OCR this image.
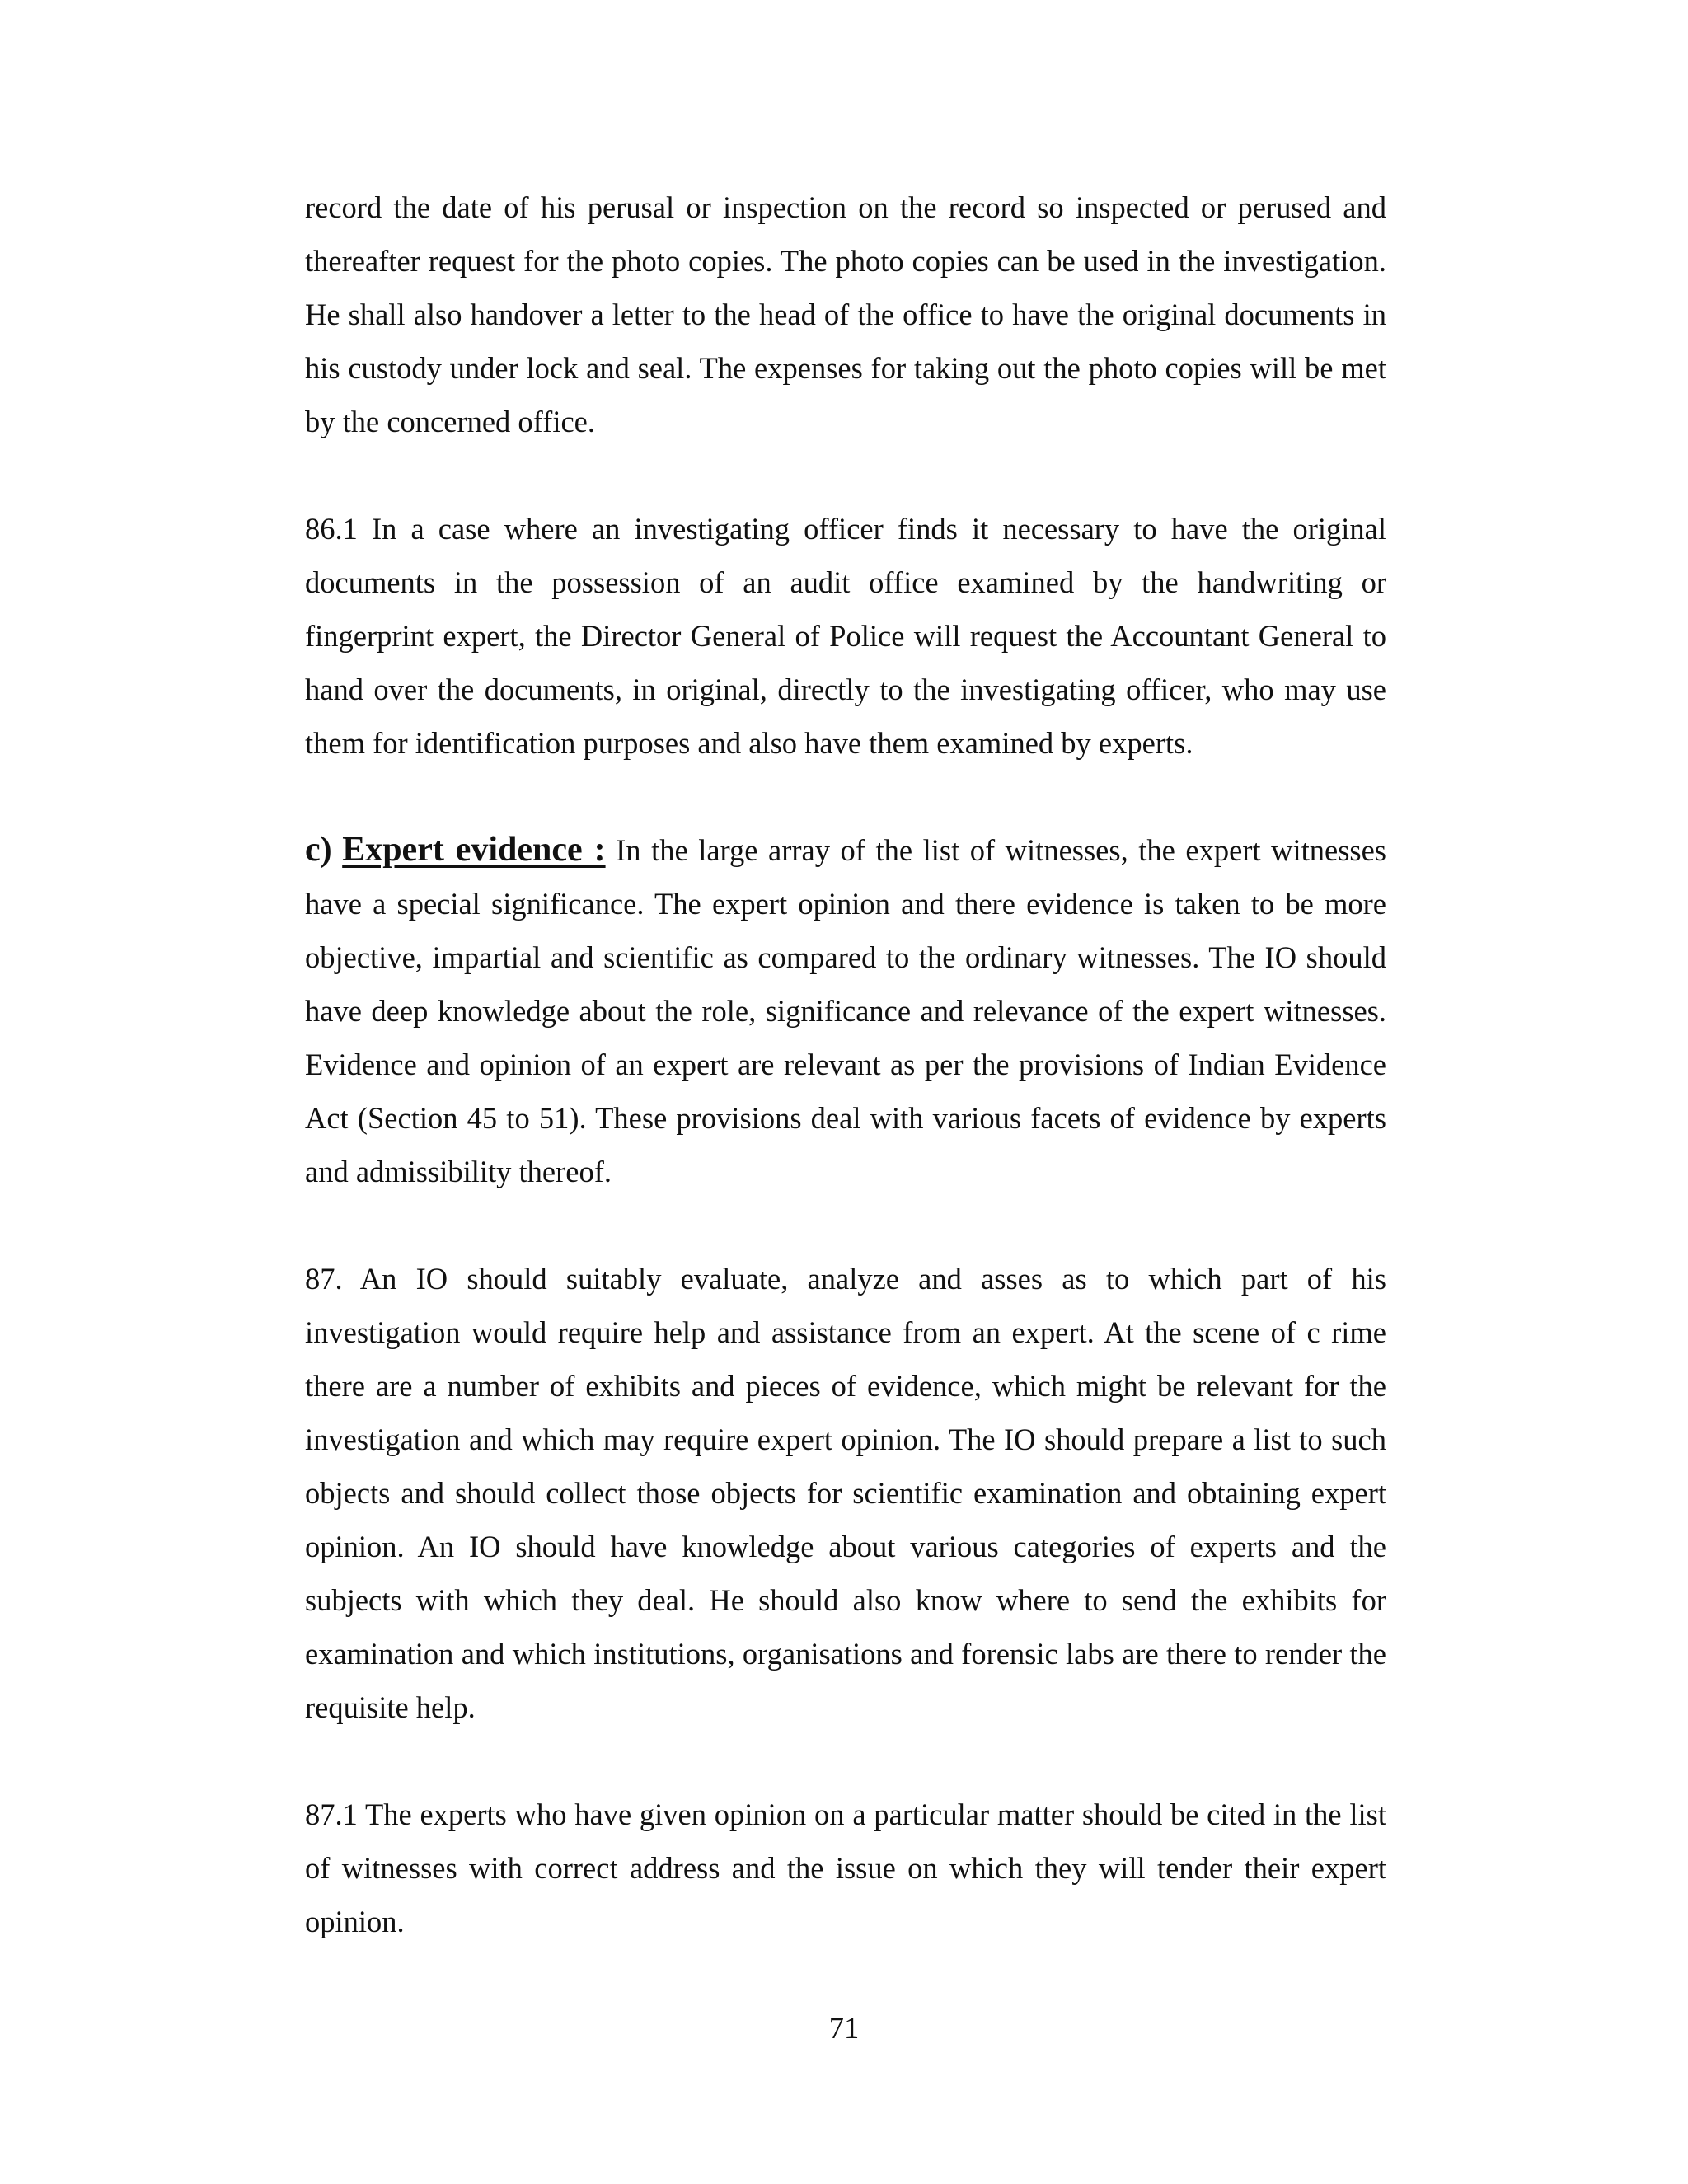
record the date of his perusal or inspection on the record so inspected or perused and thereafter request for the photo copies. The photo copies can be used in the investigation. He shall also handover a letter to the head of the office to have the original documents in his custody under lock and seal. The expenses for taking out the photo copies will be met by the concerned office.

86.1 In a case where an investigating officer finds it necessary to have the original documents in the possession of an audit office examined by the handwriting or fingerprint expert, the Director General of Police will request the Accountant General to hand over the documents, in original, directly to the investigating officer, who may use them for identification purposes and also have them examined by experts.

c) Expert evidence : In the large array of the list of witnesses, the expert witnesses have a special significance. The expert opinion and there evidence is taken to be more objective, impartial and scientific as compared to the ordinary witnesses. The IO should have deep knowledge about the role, significance and relevance of the expert witnesses. Evidence and opinion of an expert are relevant as per the provisions of Indian Evidence Act (Section 45 to 51). These provisions deal with various facets of evidence by experts and admissibility thereof.

87. An IO should suitably evaluate, analyze and asses as to which part of his investigation would require help and assistance from an expert. At the scene of c rime there are a number of exhibits and pieces of evidence, which might be relevant for the investigation and which may require expert opinion. The IO should prepare a list to such objects and should collect those objects for scientific examination and obtaining expert opinion. An IO should have knowledge about various categories of experts and the subjects with which they deal. He should also know where to send the exhibits for examination and which institutions, organisations and forensic labs are there to render the requisite help.

87.1 The experts who have given opinion on a particular matter should be cited in the list of witnesses with correct address and the issue on which they will tender their expert opinion.

71
